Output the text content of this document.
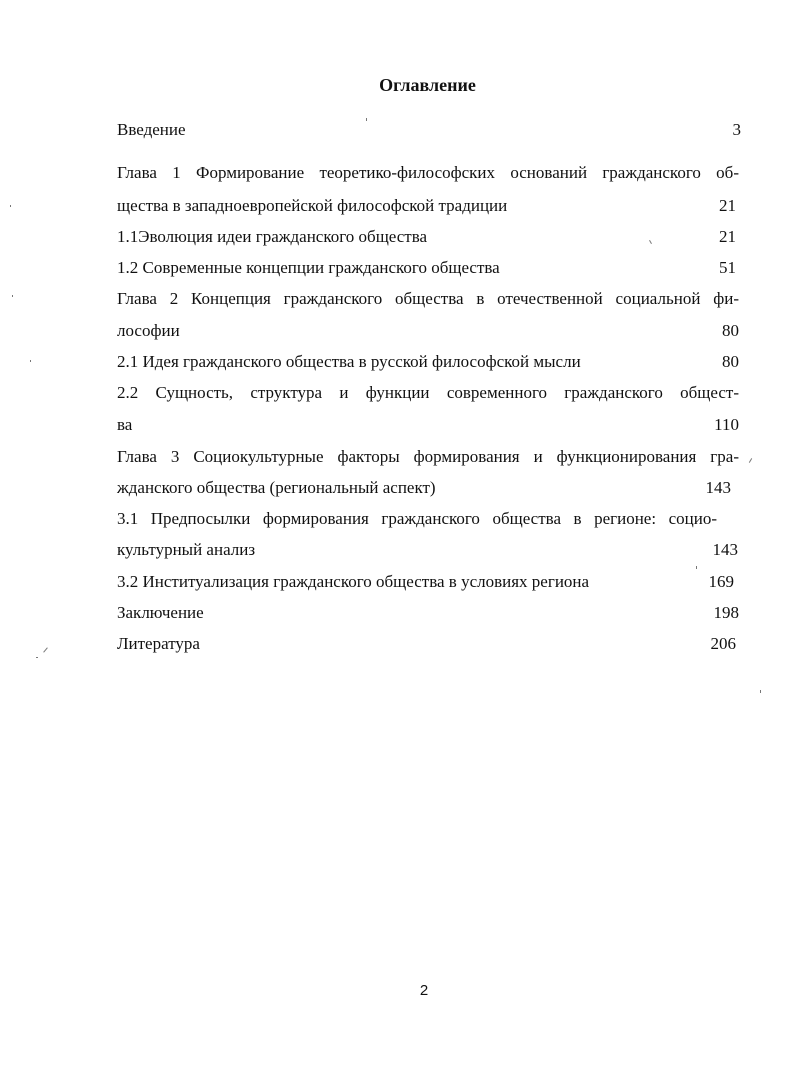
Оглавление
Введение	3
Глава 1 Формирование теоретико-философских оснований гражданского об-
щества в западноевропейской философской традиции	21
1.1Эволюция идеи гражданского общества	21
1.2 Современные концепции гражданского общества	51
Глава 2 Концепция гражданского общества в отечественной социальной фи-
лософии	80
2.1 Идея гражданского общества в русской философской мысли	80
2.2 Сущность, структура и функции современного гражданского общест-
ва	110
Глава 3 Социокультурные факторы формирования и функционирования гра-
жданского общества (региональный аспект)	143
3.1 Предпосылки формирования гражданского общества в регионе: социо-
культурный анализ	143
3.2 Институализация гражданского общества в условиях региона	169
Заключение	198
Литература	206
2
